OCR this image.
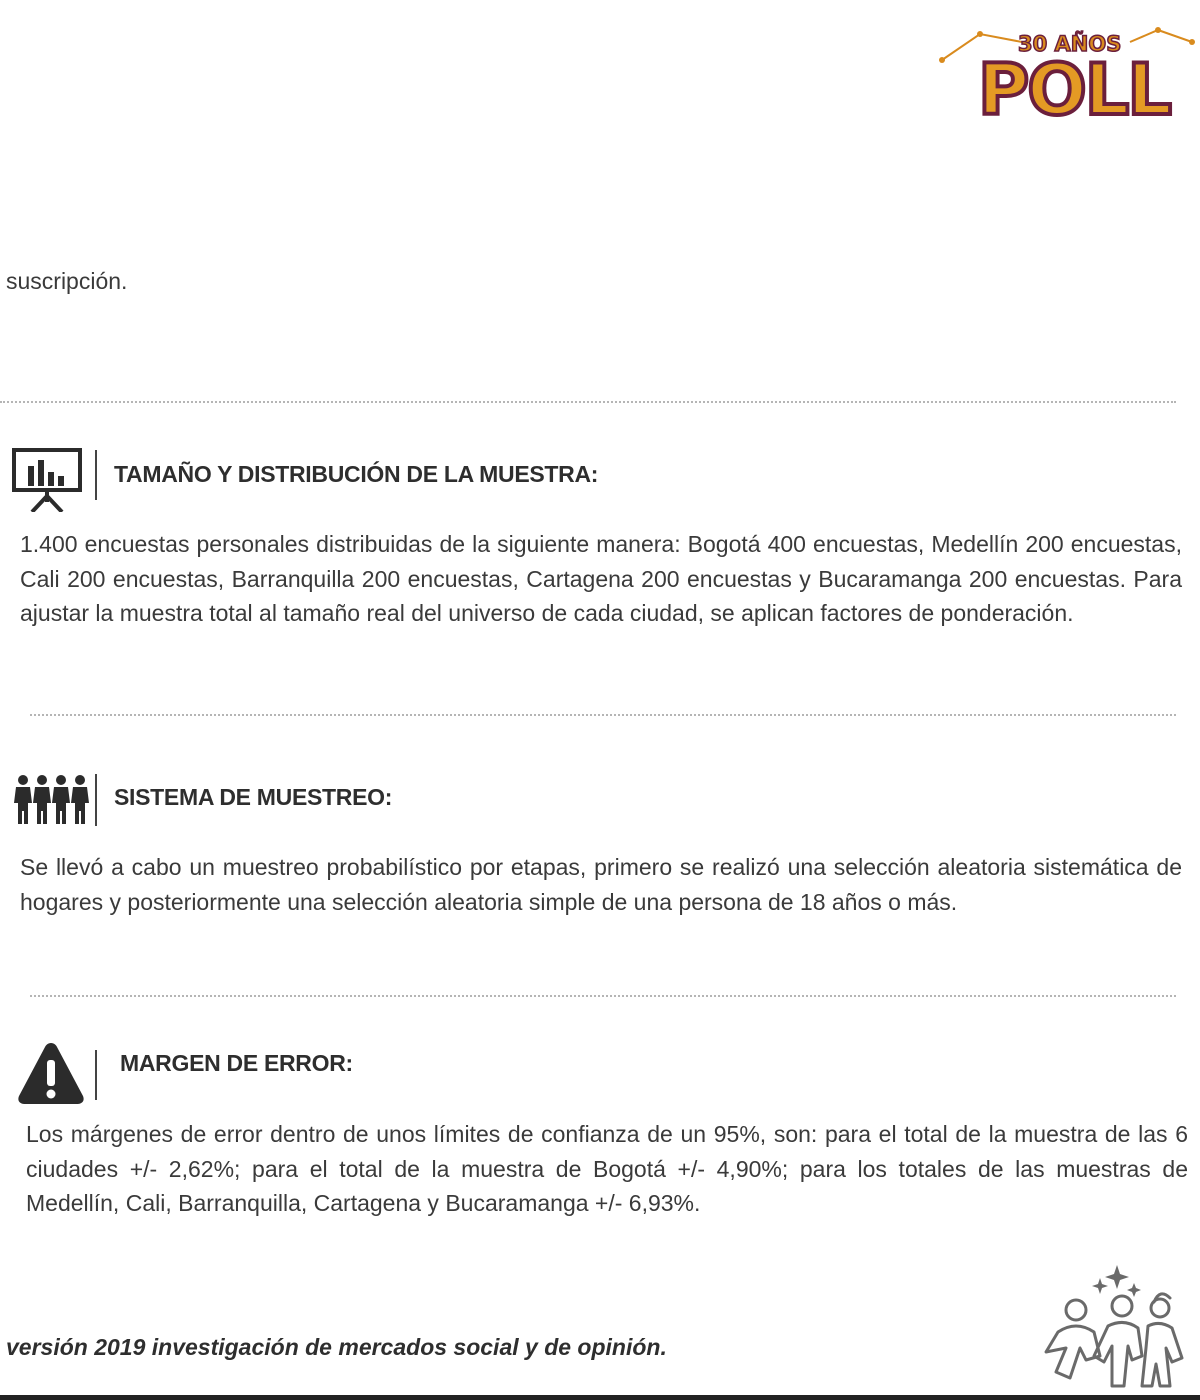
30 AÑOS
POLL
suscripción.
TAMAÑO Y DISTRIBUCIÓN DE LA MUESTRA:
1.400 encuestas personales distribuidas de la siguiente manera: Bogotá 400 encuestas, Medellín 200 encuestas, Cali 200 encuestas, Barranquilla 200 encuestas, Cartagena 200 encuestas y Bucaramanga 200 encuestas. Para ajustar la muestra total al tamaño real del universo de cada ciudad, se aplican factores de ponderación.
SISTEMA DE MUESTREO:
Se llevó a cabo un muestreo probabilístico por etapas, primero se realizó una selección aleatoria sistemática de hogares y posteriormente una selección aleatoria simple de una persona de 18 años o más.
MARGEN DE ERROR:
Los márgenes de error dentro de unos límites de confianza de un 95%, son: para el total de la muestra de las 6 ciudades +/- 2,62%; para el total de la muestra de Bogotá +/- 4,90%; para los totales de las muestras de Medellín, Cali, Barranquilla, Cartagena y Bucaramanga +/- 6,93%.
versión 2019 investigación de mercados social y de opinión.
